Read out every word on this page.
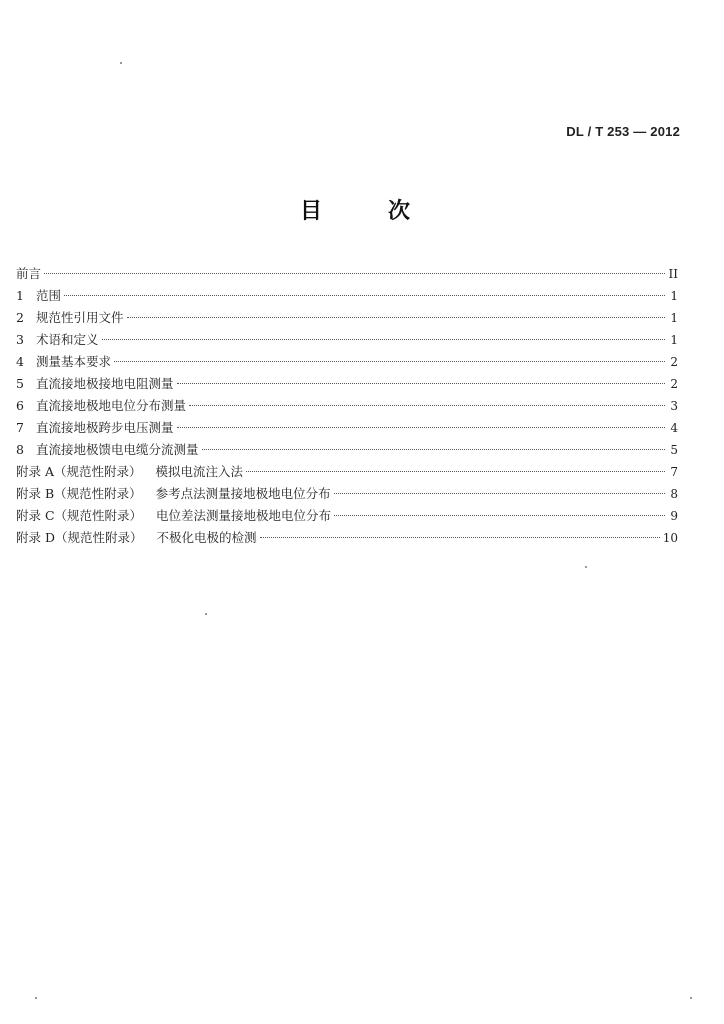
DL / T 253 — 2012
目	次
前言	II
1 范围	1
2 规范性引用文件	1
3 术语和定义	1
4 测量基本要求	2
5 直流接地极接地电阻测量	2
6 直流接地极地电位分布测量	3
7 直流接地极跨步电压测量	4
8 直流接地极馈电电缆分流测量	5
附录 A（规范性附录） 模拟电流注入法	7
附录 B（规范性附录） 参考点法测量接地极地电位分布	8
附录 C（规范性附录） 电位差法测量接地极地电位分布	9
附录 D（规范性附录） 不极化电极的检测	10
